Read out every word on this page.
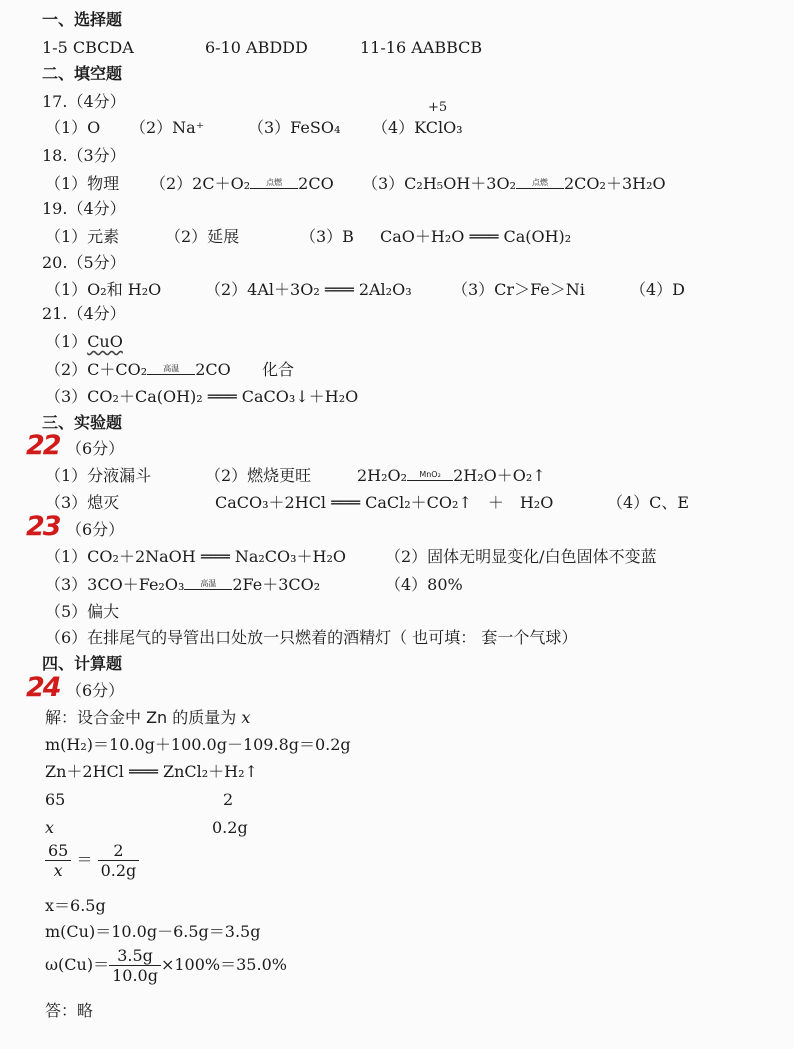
一、选择题
1-5 CBCDA	6-10 ABDDD	11-16 AABBCB
二、填空题
17.（4分）	+5
（1）O （2）Na⁺	（3）FeSO₄ （4）KClO₃
18.（3分）
（1）物理 （2）2C＋O₂	点燃	2CO （3）C₂H₅OH＋3O₂	点燃	2CO₂＋3H₂O
19.（4分）
（1）元素	（2）延展	（3）B CaO＋H₂O ═══ Ca(OH)₂
20.（5分）
（1）O₂和 H₂O	（2）4Al＋3O₂ ═══ 2Al₂O₃	（3）Cr＞Fe＞Ni	（4）D
21.（4分）
（1）CuO
（2）C＋CO₂	高温	2CO 化合
（3）CO₂＋Ca(OH)₂ ═══ CaCO₃↓＋H₂O
三、实验题
22 （6分）
（1）分液漏斗	（2）燃烧更旺	2H₂O₂	MnO₂ 2H₂O＋O₂↑
（3）熄灭	CaCO₃＋2HCl ═══ CaCl₂＋CO₂↑　＋　H₂O	（4）C、E
23 （6分）
（1）CO₂＋2NaOH ═══ Na₂CO₃＋H₂O （2）固体无明显变化/白色固体不变蓝
（3）3CO＋Fe₂O₃	高温	2Fe＋3CO₂	（4）80%
（5）偏大
（6）在排尾气的导管出口处放一只燃着的酒精灯（ 也可填： 套一个气球）
四、计算题
24 （6分）
解：设合金中 Zn 的质量为 x
m(H₂)＝10.0g＋100.0g－109.8g＝0.2g
Zn＋2HCl ═══ ZnCl₂＋H₂↑
65	2
x	0.2g
$\frac{65}{x} = \frac{2}{0.2g}$
x＝6.5g
m(Cu)＝10.0g－6.5g＝3.5g
$\omega(Cu)= \frac{3.5g}{10.0g} \times 100\%=35.0\%$
答：略
